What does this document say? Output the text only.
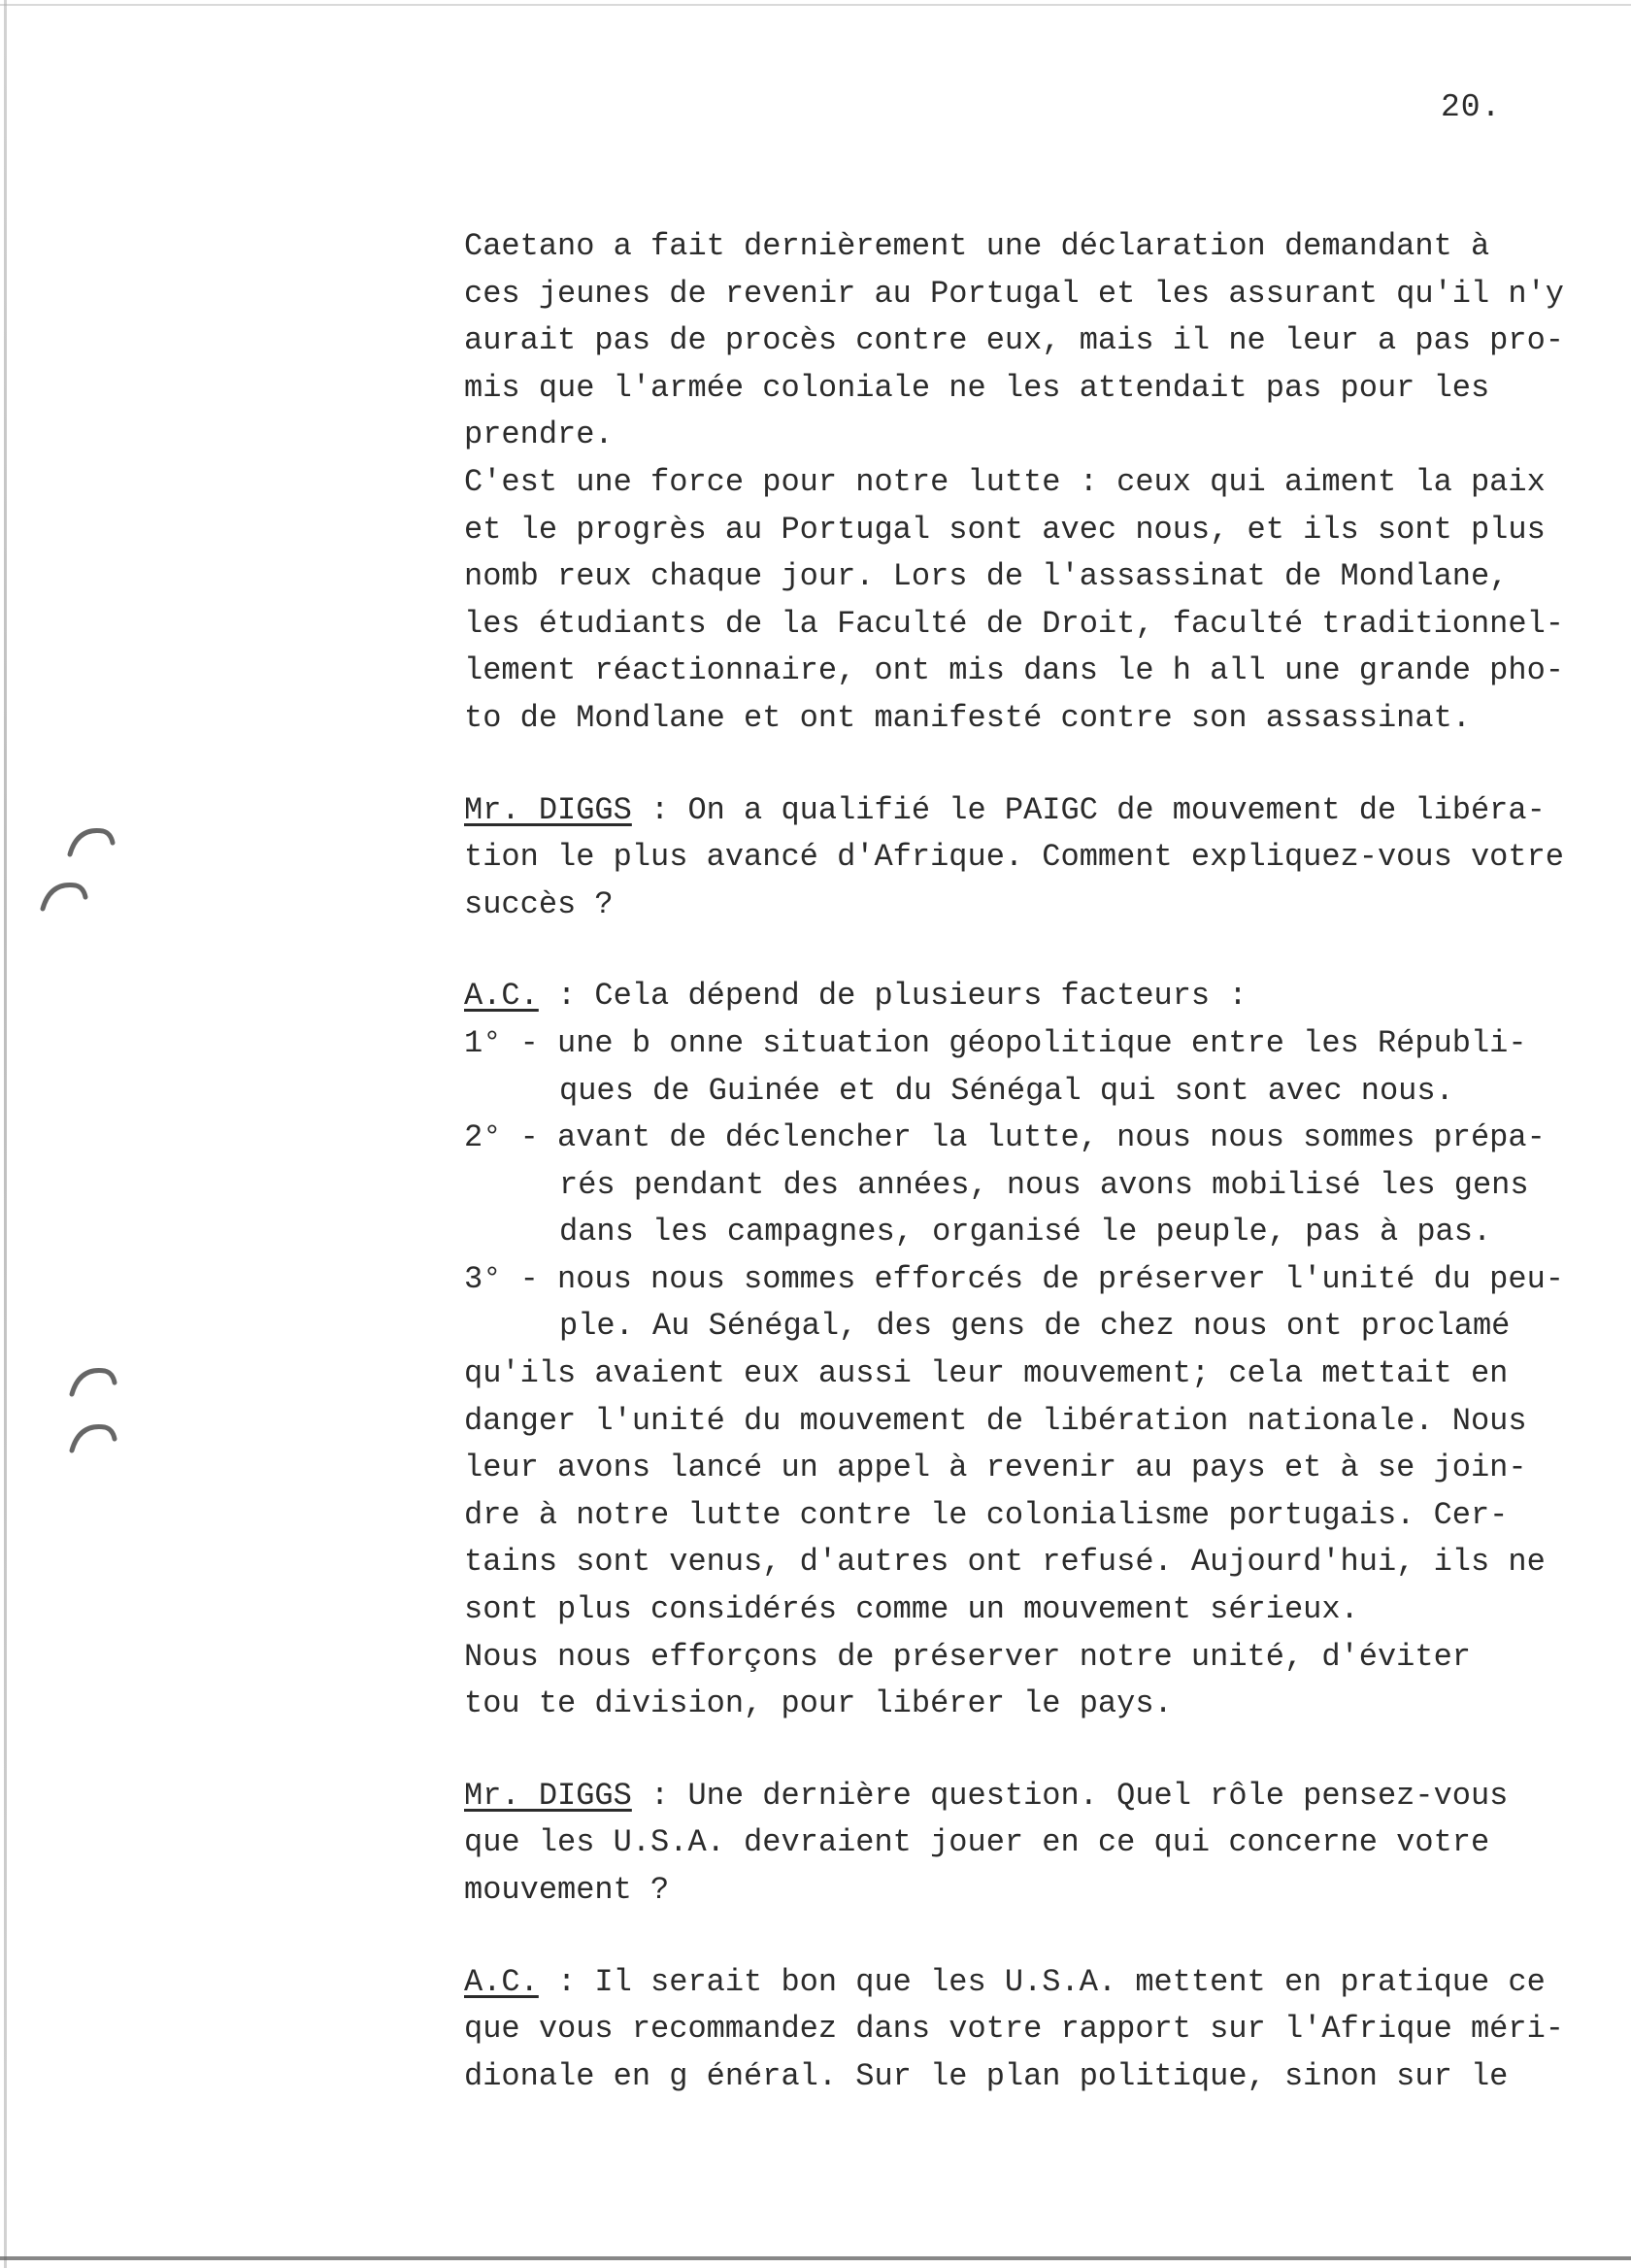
20.
Caetano a fait dernièrement une déclaration demandant à
ces jeunes de revenir au Portugal et les assurant qu'il n'y
aurait pas de procès contre eux, mais il ne leur a pas pro-
mis que l'armée coloniale ne les attendait pas pour les
prendre.
C'est une force pour notre lutte : ceux qui aiment la paix
et le progrès au Portugal sont avec nous, et ils sont plus
nomb reux chaque jour. Lors de l'assassinat de Mondlane,
les étudiants de la Faculté de Droit, faculté traditionnel-
lement réactionnaire, ont mis dans le h all une grande pho-
to de Mondlane et ont manifesté contre son assassinat.
Mr. DIGGS : On a qualifié le PAIGC de mouvement de libéra-
tion le plus avancé d'Afrique. Comment expliquez-vous votre
succès ?
A.C. : Cela dépend de plusieurs facteurs :
1° - une b onne situation géopolitique entre les Républi-
ques de Guinée et du Sénégal qui sont avec nous.
2° - avant de déclencher la lutte, nous nous sommes prépa-
rés pendant des années, nous avons mobilisé les gens
dans les campagnes, organisé le peuple, pas à pas.
3° - nous nous sommes efforcés de préserver l'unité du peu-
ple. Au Sénégal, des gens de chez nous ont proclamé
qu'ils avaient eux aussi leur mouvement; cela mettait en
danger l'unité du mouvement de libération nationale. Nous
leur avons lancé un appel à revenir au pays et à se join-
dre à notre lutte contre le colonialisme portugais. Cer-
tains sont venus, d'autres ont refusé. Aujourd'hui, ils ne
sont plus considérés comme un mouvement sérieux.
Nous nous efforçons de préserver notre unité, d'éviter
tou te division, pour libérer le pays.
Mr. DIGGS : Une dernière question. Quel rôle pensez-vous
que les U.S.A. devraient jouer en ce qui concerne votre
mouvement ?
A.C. : Il serait bon que les U.S.A. mettent en pratique ce
que vous recommandez dans votre rapport sur l'Afrique méri-
dionale en g énéral. Sur le plan politique, sinon sur le
